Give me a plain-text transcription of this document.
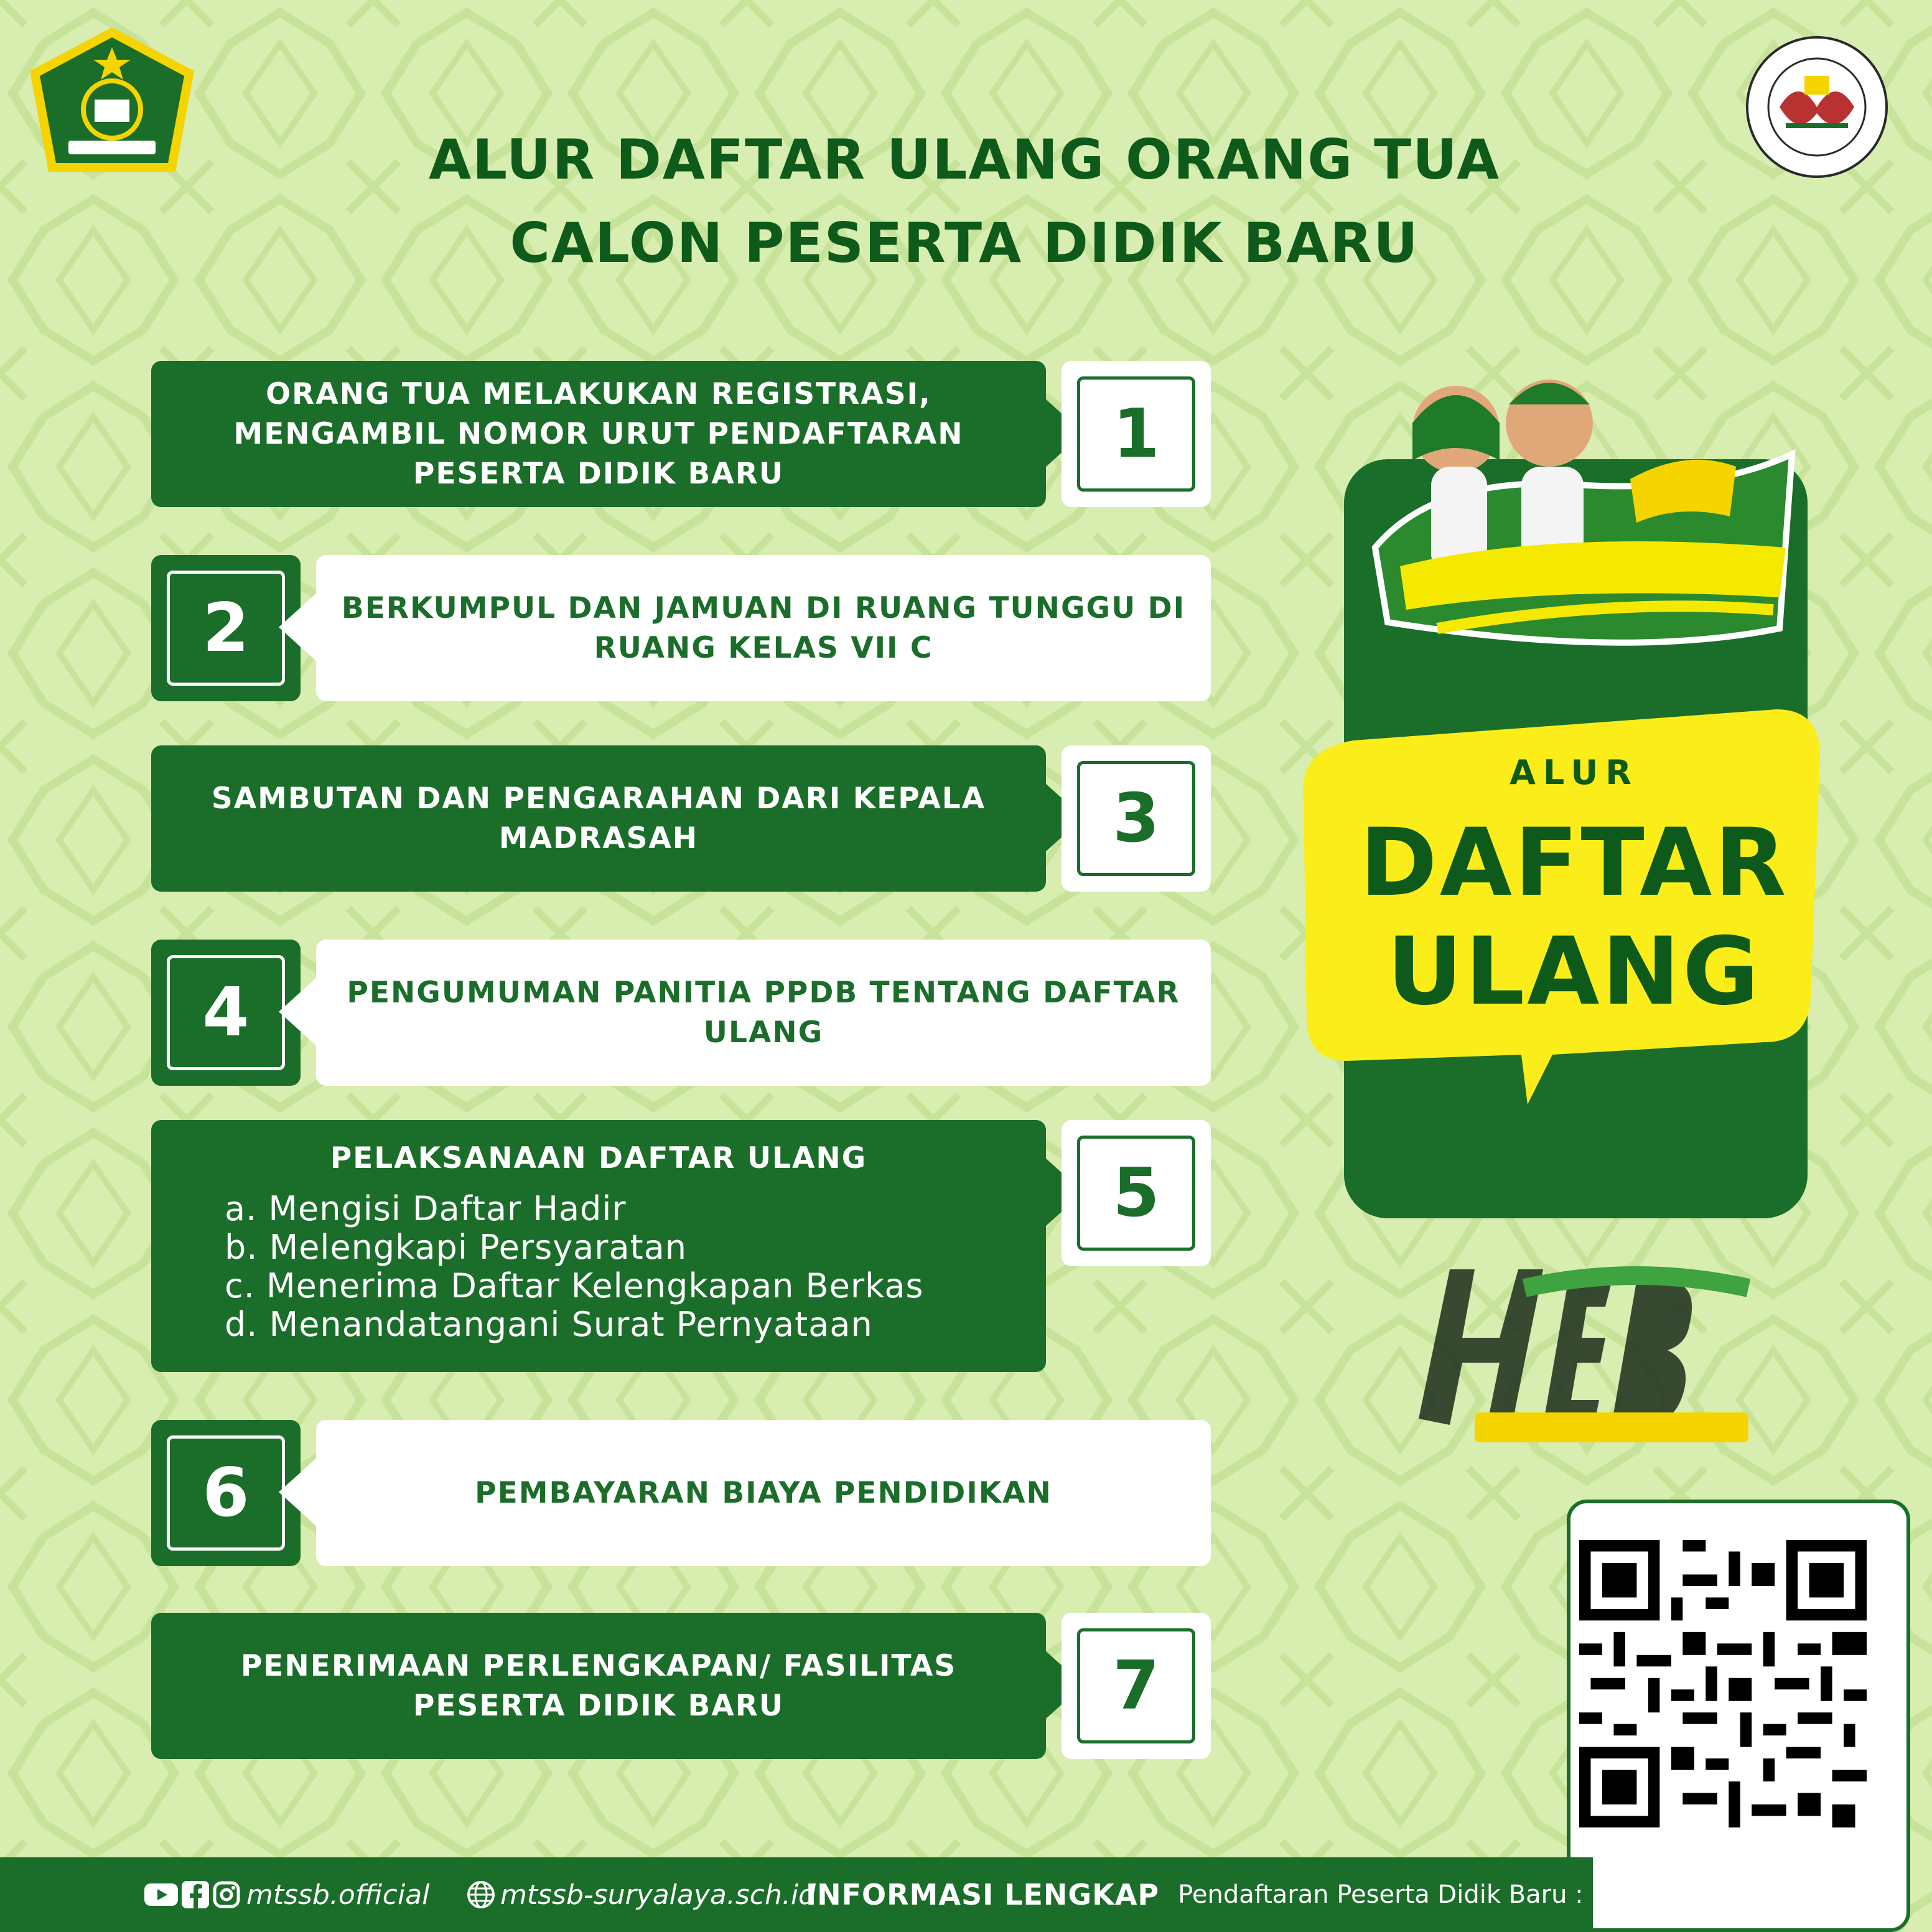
ALUR DAFTAR ULANG ORANG TUA
CALON PESERTA DIDIK BARU
ORANG TUA MELAKUKAN REGISTRASI, MENGAMBIL NOMOR URUT PENDAFTARAN PESERTA DIDIK BARU
1
BERKUMPUL DAN JAMUAN DI RUANG TUNGGU DI RUANG KELAS VII C
2
SAMBUTAN DAN PENGARAHAN DARI KEPALA MADRASAH	3
PENGUMUMAN PANITIA PPDB TENTANG DAFTAR ULANG
4
PELAKSANAAN DAFTAR ULANG
a. Mengisi Daftar Hadir
b. Melengkapi Persyaratan
c. Menerima Daftar Kelengkapan Berkas
d. Menandatangani Surat Pernyataan
5
PEMBAYARAN BIAYA PENDIDIKAN
6
PENERIMAAN PERLENGKAPAN/ FASILITAS PESERTA DIDIK BARU	7
ALUR
DAFTAR
ULANG
Pindai disini
mtssb.official	mtssb-suryalaya.sch.id
INFORMASI LENGKAP Pendaftaran Peserta Didik Baru :
